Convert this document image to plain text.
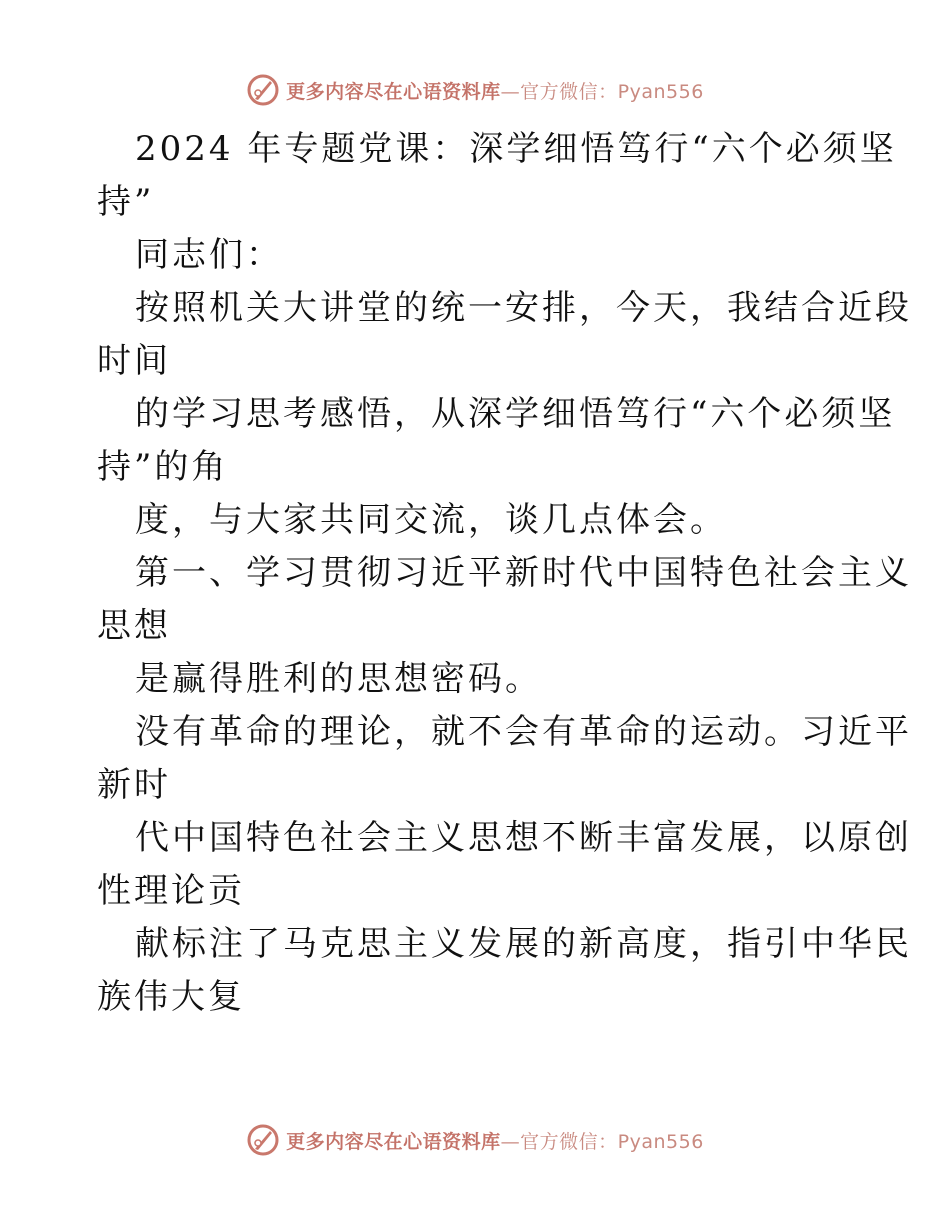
更多内容尽在心语资料库—官方微信：Pyan556
2024 年专题党课：深学细悟笃行“六个必须坚
持”
同志们：
按照机关大讲堂的统一安排，今天，我结合近段
时间
的学习思考感悟，从深学细悟笃行“六个必须坚
持”的角
度，与大家共同交流，谈几点体会。
第一、学习贯彻习近平新时代中国特色社会主义
思想
是赢得胜利的思想密码。
没有革命的理论，就不会有革命的运动。习近平
新时
代中国特色社会主义思想不断丰富发展，以原创
性理论贡
献标注了马克思主义发展的新高度，指引中华民
族伟大复
更多内容尽在心语资料库—官方微信：Pyan556
